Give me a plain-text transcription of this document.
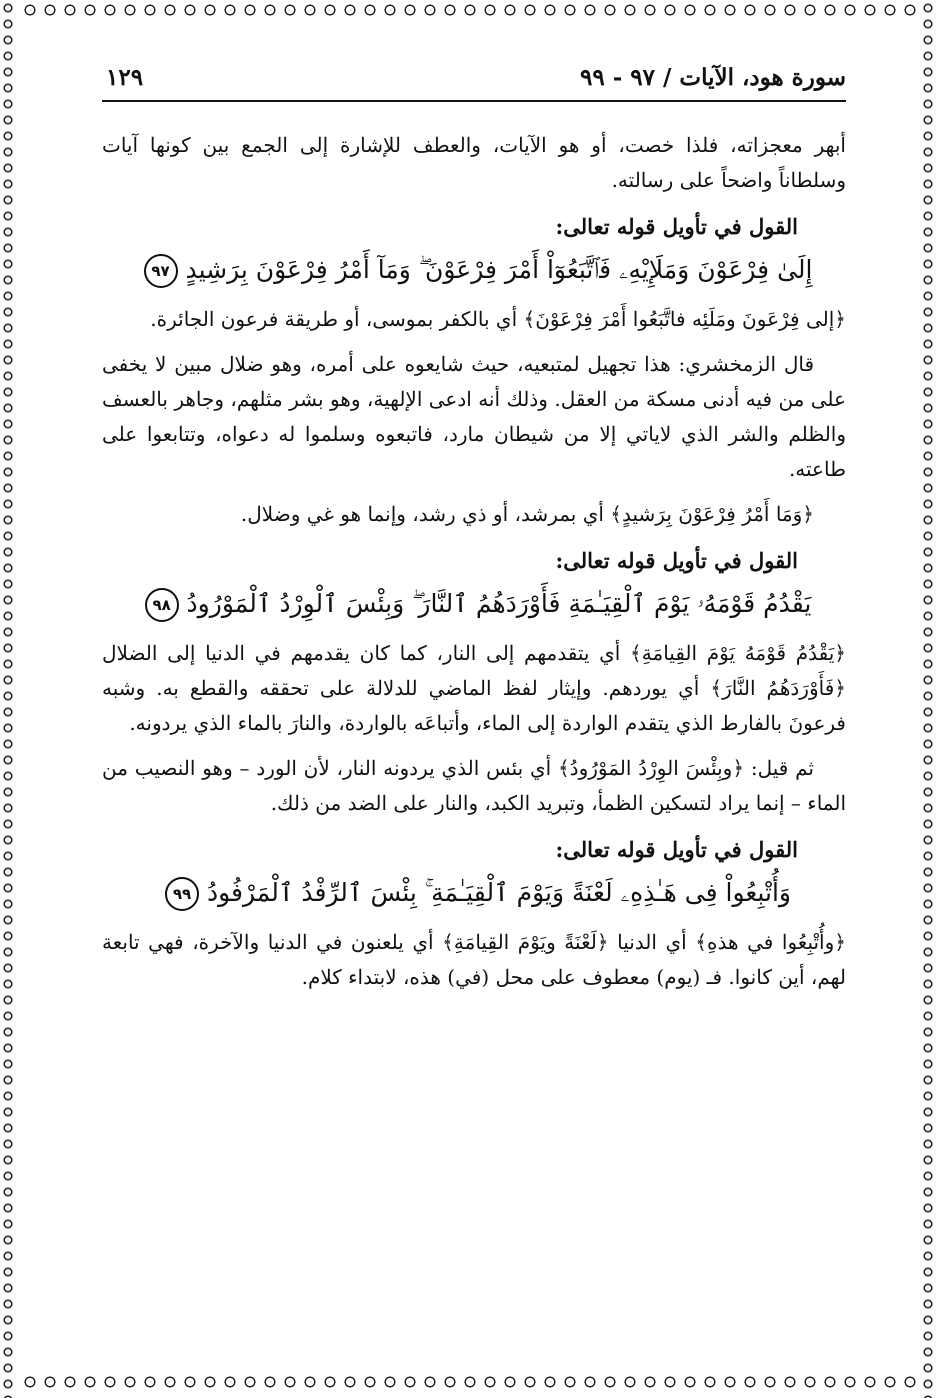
سورة هود، الآيات / ٩٧ - ٩٩
١٢٩

أبهر معجزاته، فلذا خصت، أو هو الآيات، والعطف للإشارة إلى الجمع بين كونها آيات وسلطاناً واضحاً على رسالته.

القول في تأويل قوله تعالى:
إِلَىٰ فِرْعَوْنَ وَمَلَإِيْهِۦ فَٱتَّبَعُوٓاْ أَمْرَ فِرْعَوْنَ ۖ وَمَآ أَمْرُ فِرْعَوْنَ بِرَشِيدٍ ٩٧

﴿إلى فِرْعَونَ ومَلَئِه فاتَّبَعُوا أَمْرَ فِرْعَوْنَ﴾ أي بالكفر بموسى، أو طريقة فرعون الجائرة.

قال الزمخشري: هذا تجهيل لمتبعيه، حيث شايعوه على أمره، وهو ضلال مبين لا يخفى على من فيه أدنى مسكة من العقل. وذلك أنه ادعى الإلهية، وهو بشر مثلهم، وجاهر بالعسف والظلم والشر الذي لاياتي إلا من شيطان مارد، فاتبعوه وسلموا له دعواه، وتتابعوا على طاعته.

﴿وَمَا أَمْرُ فِرْعَوْنَ بِرَشيدٍ﴾ أي بمرشد، أو ذي رشد، وإنما هو غي وضلال.

القول في تأويل قوله تعالى:
يَقْدُمُ قَوْمَهُۥ يَوْمَ ٱلْقِيَـٰمَةِ فَأَوْرَدَهُمُ ٱلنَّارَ ۖ وَبِئْسَ ٱلْوِرْدُ ٱلْمَوْرُودُ ٩٨

﴿يَقْدُمُ قَوْمَهُ يَوْمَ القِيامَةِ﴾ أي يتقدمهم إلى النار، كما كان يقدمهم في الدنيا إلى الضلال ﴿فَأَوْرَدَهُمُ النَّارَ﴾ أي يوردهم. وإيثار لفظ الماضي للدلالة على تحققه والقطع به. وشبه فرعونَ بالفارط الذي يتقدم الواردة إلى الماء، وأتباعَه بالواردة، والنارَ بالماء الذي يردونه.

ثم قيل: ﴿وبِئْسَ الوِرْدُ المَوْرُودُ﴾ أي بئس الذي يردونه النار، لأن الورد – وهو النصيب من الماء – إنما يراد لتسكين الظمأ، وتبريد الكبد، والنار على الضد من ذلك.

القول في تأويل قوله تعالى:
وَأُتْبِعُواْ فِى هَـٰذِهِۦ لَعْنَةً وَيَوْمَ ٱلْقِيَـٰمَةِ ۚ بِئْسَ ٱلرِّفْدُ ٱلْمَرْفُودُ ٩٩

﴿وأُتْبِعُوا في هذهِ﴾ أي الدنيا ﴿لَعْنَةً ويَوْمَ القِيامَةِ﴾ أي يلعنون في الدنيا والآخرة، فهي تابعة لهم، أين كانوا. فـ (يوم) معطوف على محل (في) هذه، لابتداء كلام.
